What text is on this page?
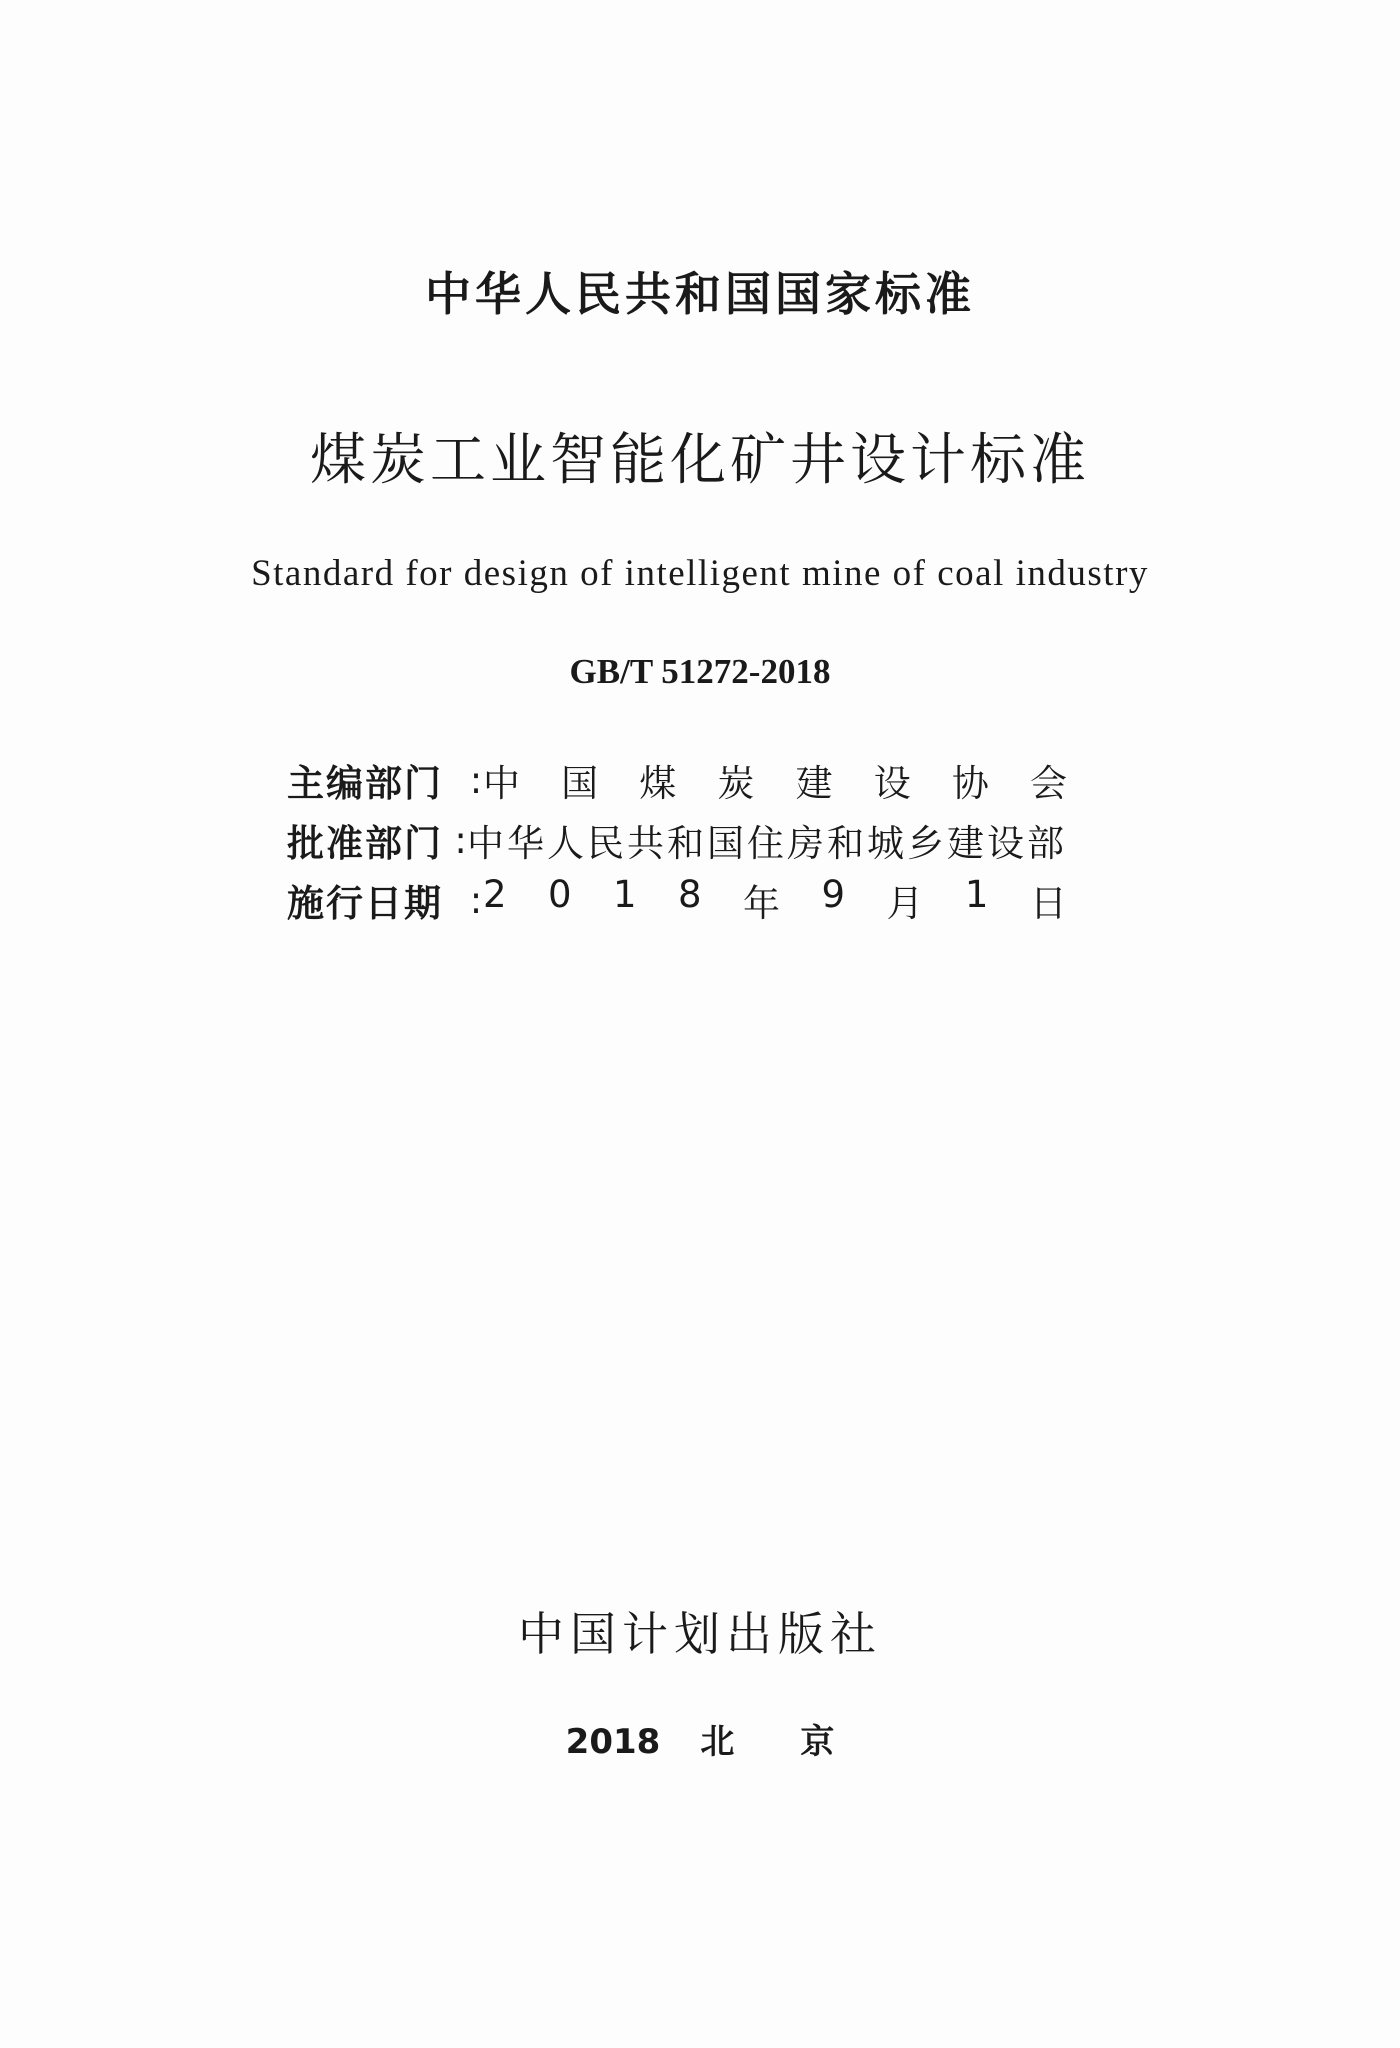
中华人民共和国国家标准
煤炭工业智能化矿井设计标准
Standard for design of intelligent mine of coal industry
GB/T 51272-2018
主编部门 : 中 国 煤 炭 建 设 协 会
批准部门 : 中华人民共和国住房和城乡建设部
施行日期 : 2 0 1 8 年 9 月 1 日
中国计划出版社
2018 北 京
